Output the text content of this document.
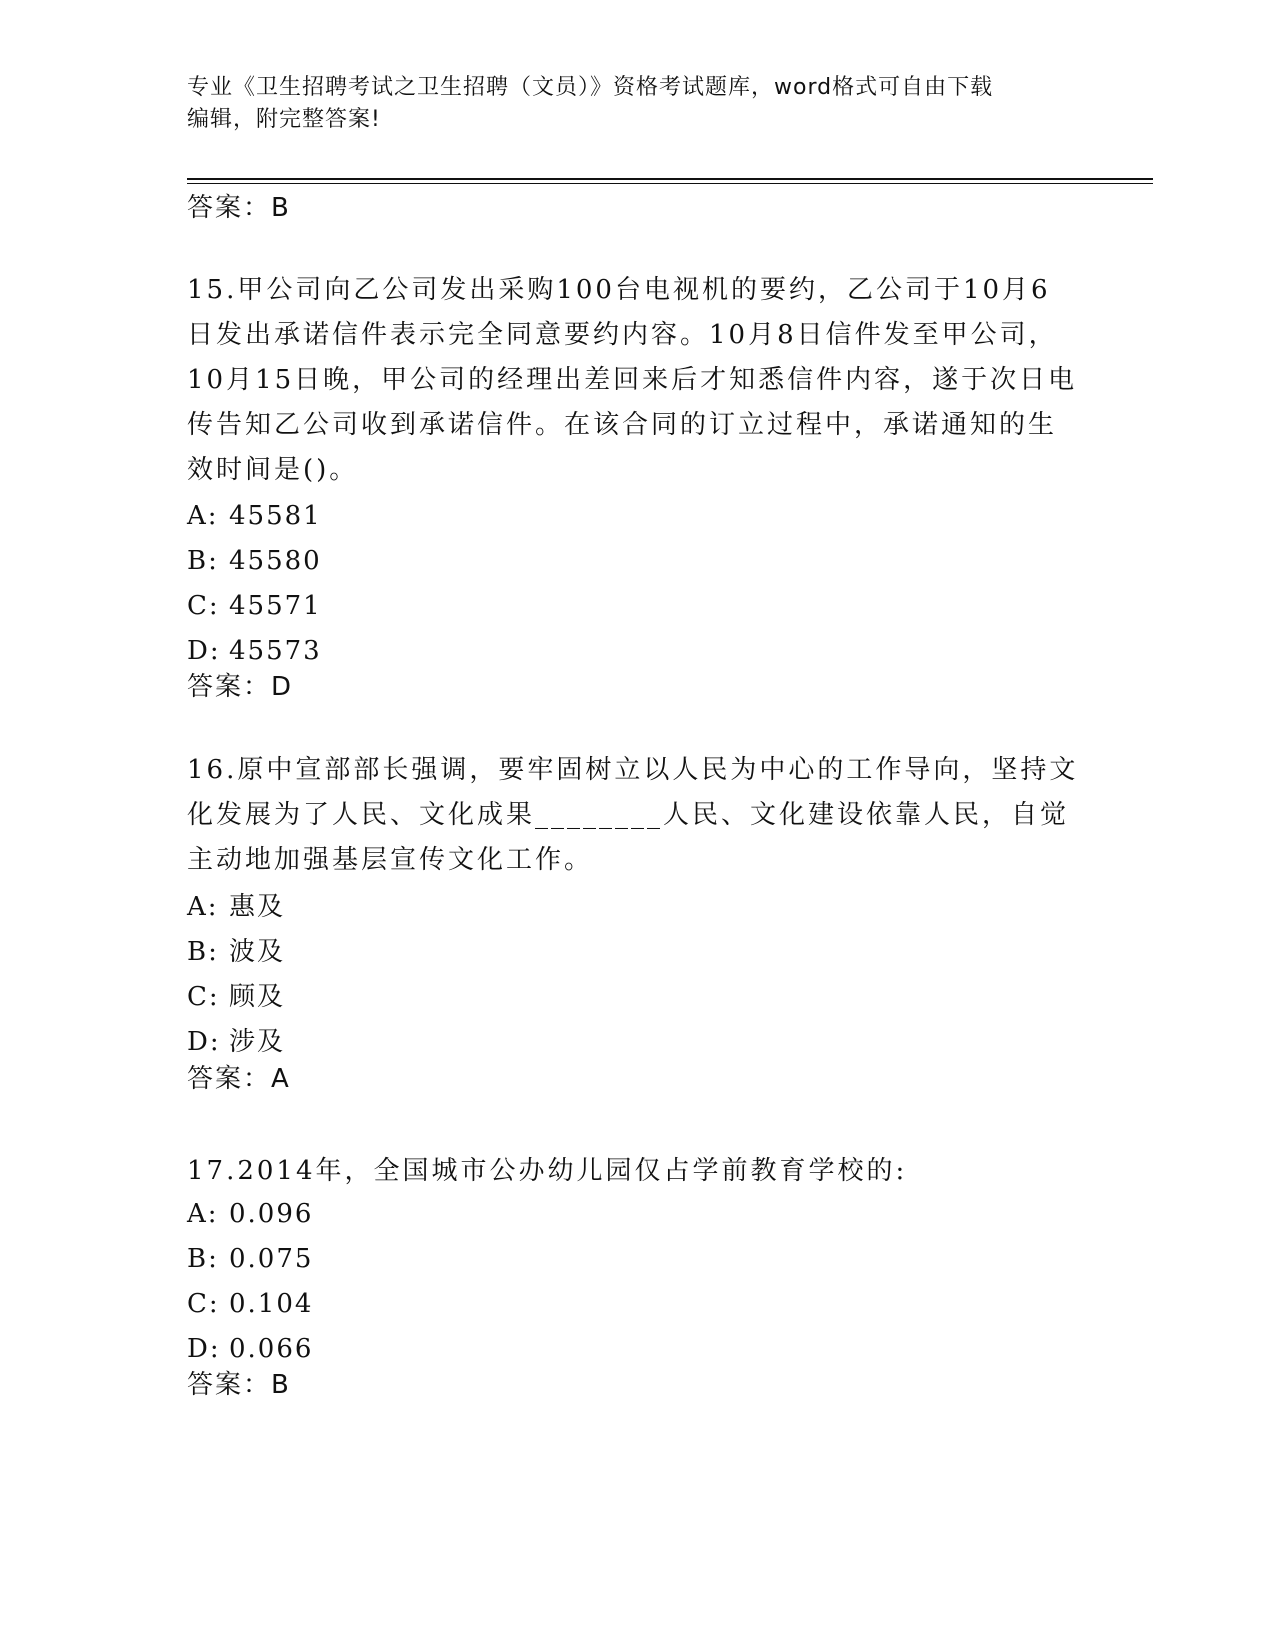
专业《卫生招聘考试之卫生招聘（文员）》资格考试题库，word格式可自由下载
编辑，附完整答案!
答案：B
15.甲公司向乙公司发出采购100台电视机的要约，乙公司于10月6
日发出承诺信件表示完全同意要约内容。10月8日信件发至甲公司，
10月15日晚，甲公司的经理出差回来后才知悉信件内容，遂于次日电
传告知乙公司收到承诺信件。在该合同的订立过程中，承诺通知的生
效时间是()。
A: 45581
B: 45580
C: 45571
D: 45573
答案：D
16.原中宣部部长强调，要牢固树立以人民为中心的工作导向，坚持文
化发展为了人民、文化成果________人民、文化建设依靠人民，自觉
主动地加强基层宣传文化工作。
A: 惠及
B: 波及
C: 顾及
D: 涉及
答案：A
17.2014年，全国城市公办幼儿园仅占学前教育学校的:
A: 0.096
B: 0.075
C: 0.104
D: 0.066
答案：B
